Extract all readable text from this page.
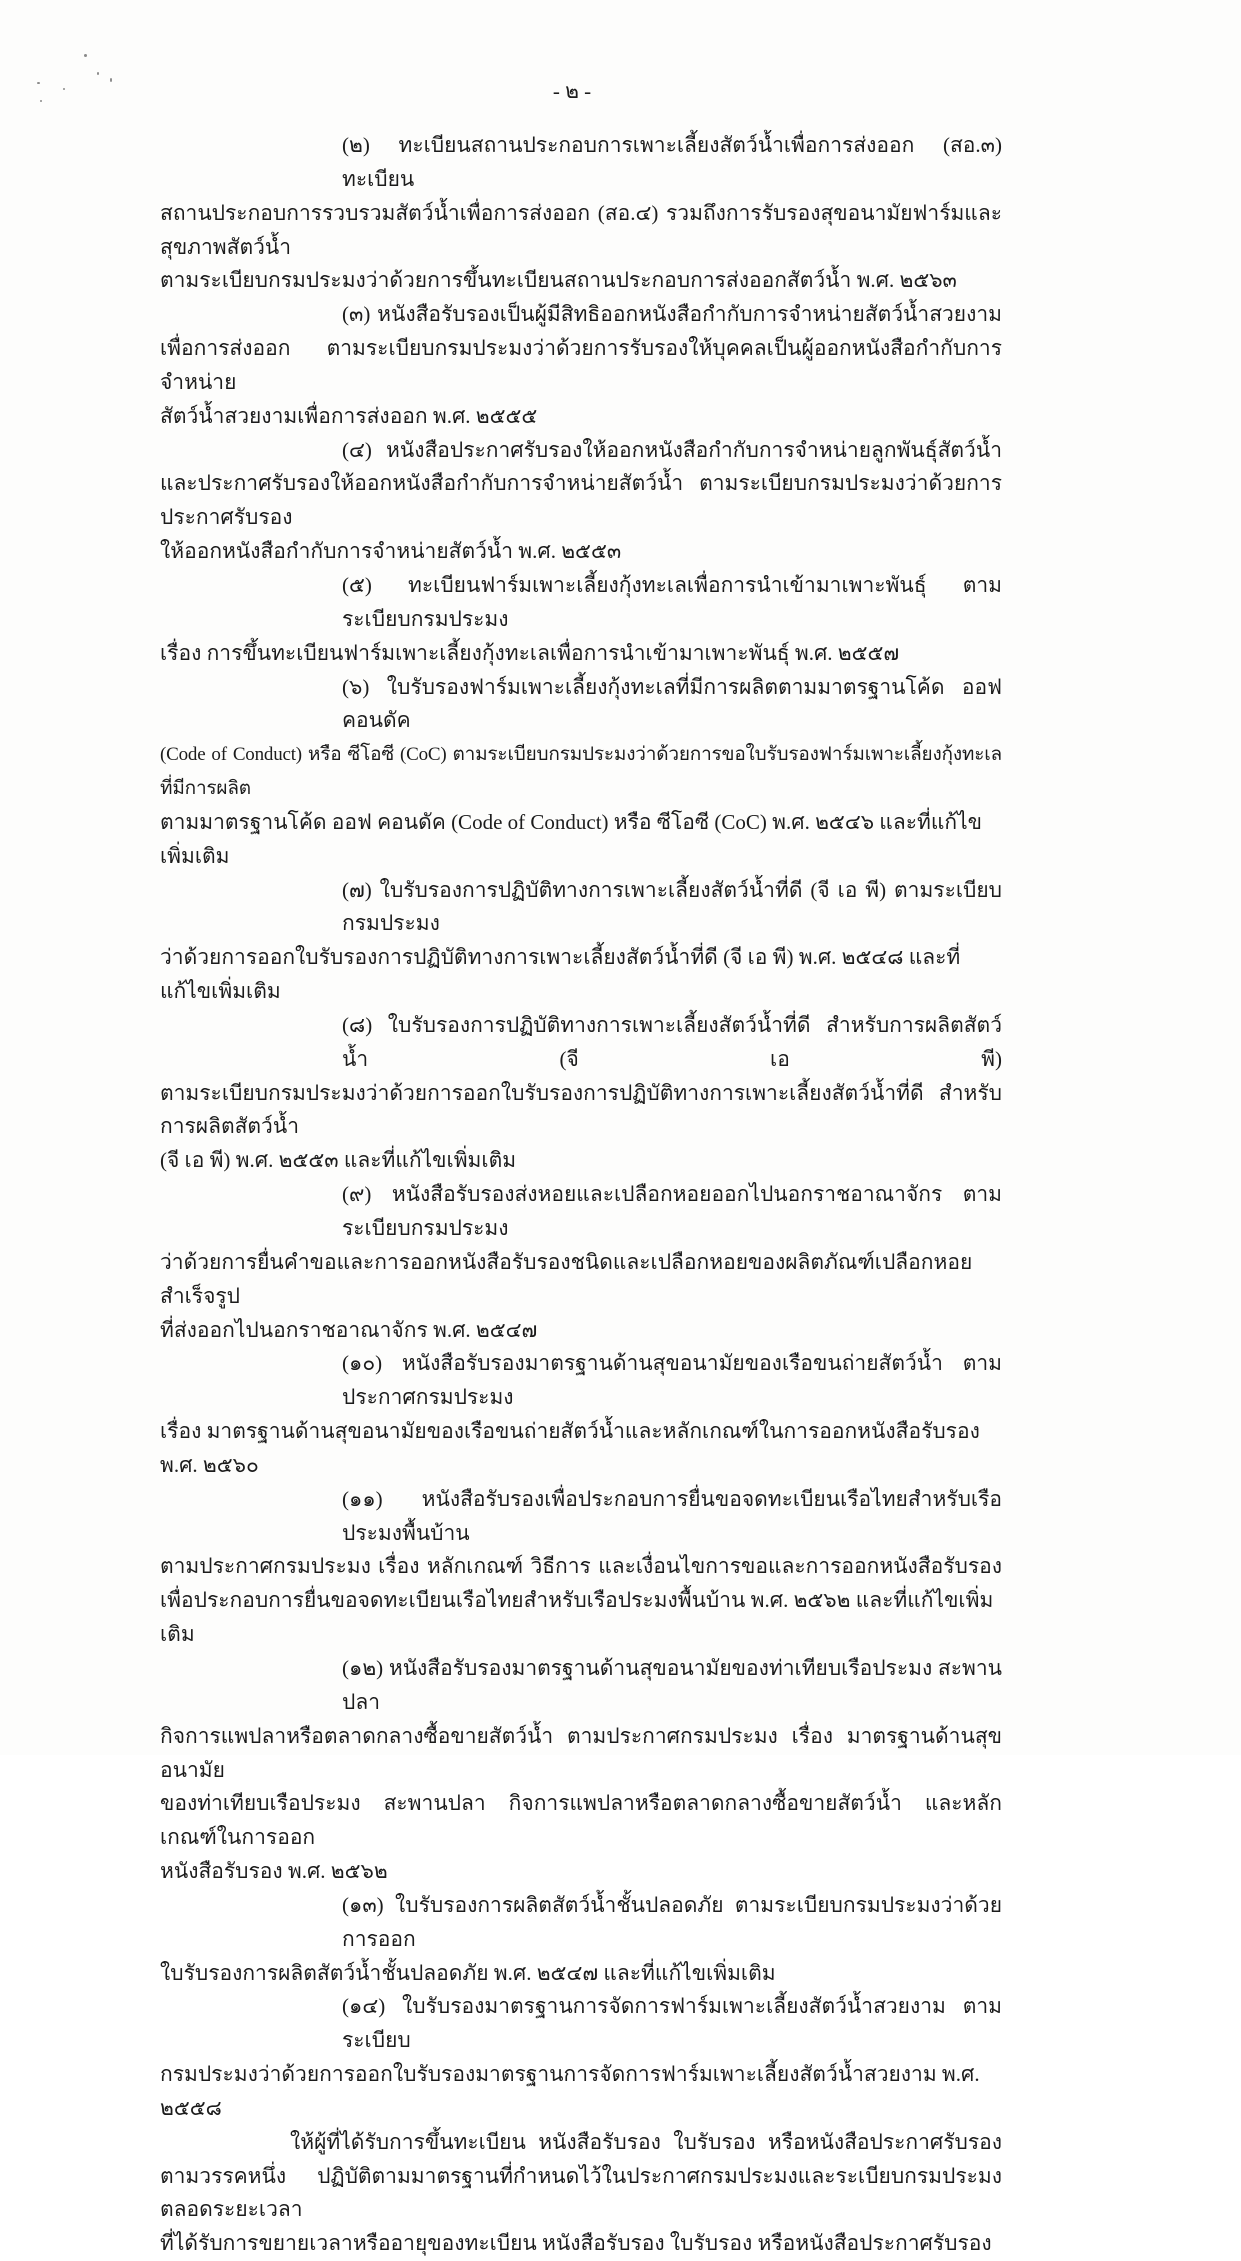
- ๒ -
(๒) ทะเบียนสถานประกอบการเพาะเลี้ยงสัตว์น้ำเพื่อการส่งออก (สอ.๓) ทะเบียน
สถานประกอบการรวบรวมสัตว์น้ำเพื่อการส่งออก (สอ.๔) รวมถึงการรับรองสุขอนามัยฟาร์มและสุขภาพสัตว์น้ำ
ตามระเบียบกรมประมงว่าด้วยการขึ้นทะเบียนสถานประกอบการส่งออกสัตว์น้ำ พ.ศ. ๒๕๖๓
(๓) หนังสือรับรองเป็นผู้มีสิทธิออกหนังสือกำกับการจำหน่ายสัตว์น้ำสวยงาม
เพื่อการส่งออก ตามระเบียบกรมประมงว่าด้วยการรับรองให้บุคคลเป็นผู้ออกหนังสือกำกับการจำหน่าย
สัตว์น้ำสวยงามเพื่อการส่งออก พ.ศ. ๒๕๕๕
(๔) หนังสือประกาศรับรองให้ออกหนังสือกำกับการจำหน่ายลูกพันธุ์สัตว์น้ำ
และประกาศรับรองให้ออกหนังสือกำกับการจำหน่ายสัตว์น้ำ ตามระเบียบกรมประมงว่าด้วยการประกาศรับรอง
ให้ออกหนังสือกำกับการจำหน่ายสัตว์น้ำ พ.ศ. ๒๕๕๓
(๕) ทะเบียนฟาร์มเพาะเลี้ยงกุ้งทะเลเพื่อการนำเข้ามาเพาะพันธุ์ ตามระเบียบกรมประมง
เรื่อง การขึ้นทะเบียนฟาร์มเพาะเลี้ยงกุ้งทะเลเพื่อการนำเข้ามาเพาะพันธุ์ พ.ศ. ๒๕๕๗
(๖) ใบรับรองฟาร์มเพาะเลี้ยงกุ้งทะเลที่มีการผลิตตามมาตรฐานโค้ด ออฟ คอนดัค
(Code of Conduct) หรือ ซีโอซี (CoC) ตามระเบียบกรมประมงว่าด้วยการขอใบรับรองฟาร์มเพาะเลี้ยงกุ้งทะเลที่มีการผลิต
ตามมาตรฐานโค้ด ออฟ คอนดัค (Code of Conduct) หรือ ซีโอซี (CoC) พ.ศ. ๒๕๔๖ และที่แก้ไขเพิ่มเติม
(๗) ใบรับรองการปฏิบัติทางการเพาะเลี้ยงสัตว์น้ำที่ดี (จี เอ พี) ตามระเบียบกรมประมง
ว่าด้วยการออกใบรับรองการปฏิบัติทางการเพาะเลี้ยงสัตว์น้ำที่ดี (จี เอ พี) พ.ศ. ๒๕๔๘ และที่แก้ไขเพิ่มเติม
(๘) ใบรับรองการปฏิบัติทางการเพาะเลี้ยงสัตว์น้ำที่ดี สำหรับการผลิตสัตว์น้ำ (จี เอ พี)
ตามระเบียบกรมประมงว่าด้วยการออกใบรับรองการปฏิบัติทางการเพาะเลี้ยงสัตว์น้ำที่ดี สำหรับการผลิตสัตว์น้ำ
(จี เอ พี) พ.ศ. ๒๕๕๓ และที่แก้ไขเพิ่มเติม
(๙) หนังสือรับรองส่งหอยและเปลือกหอยออกไปนอกราชอาณาจักร ตามระเบียบกรมประมง
ว่าด้วยการยื่นคำขอและการออกหนังสือรับรองชนิดและเปลือกหอยของผลิตภัณฑ์เปลือกหอยสำเร็จรูป
ที่ส่งออกไปนอกราชอาณาจักร พ.ศ. ๒๕๔๗
(๑๐) หนังสือรับรองมาตรฐานด้านสุขอนามัยของเรือขนถ่ายสัตว์น้ำ ตามประกาศกรมประมง
เรื่อง มาตรฐานด้านสุขอนามัยของเรือขนถ่ายสัตว์น้ำและหลักเกณฑ์ในการออกหนังสือรับรอง พ.ศ. ๒๕๖๐
(๑๑) หนังสือรับรองเพื่อประกอบการยื่นขอจดทะเบียนเรือไทยสำหรับเรือประมงพื้นบ้าน
ตามประกาศกรมประมง เรื่อง หลักเกณฑ์ วิธีการ และเงื่อนไขการขอและการออกหนังสือรับรอง
เพื่อประกอบการยื่นขอจดทะเบียนเรือไทยสำหรับเรือประมงพื้นบ้าน พ.ศ. ๒๕๖๒ และที่แก้ไขเพิ่มเติม
(๑๒) หนังสือรับรองมาตรฐานด้านสุขอนามัยของท่าเทียบเรือประมง สะพานปลา
กิจการแพปลาหรือตลาดกลางซื้อขายสัตว์น้ำ ตามประกาศกรมประมง เรื่อง มาตรฐานด้านสุขอนามัย
ของท่าเทียบเรือประมง สะพานปลา กิจการแพปลาหรือตลาดกลางซื้อขายสัตว์น้ำ และหลักเกณฑ์ในการออก
หนังสือรับรอง พ.ศ. ๒๕๖๒
(๑๓) ใบรับรองการผลิตสัตว์น้ำชั้นปลอดภัย ตามระเบียบกรมประมงว่าด้วยการออก
ใบรับรองการผลิตสัตว์น้ำชั้นปลอดภัย พ.ศ. ๒๕๔๗ และที่แก้ไขเพิ่มเติม
(๑๔) ใบรับรองมาตรฐานการจัดการฟาร์มเพาะเลี้ยงสัตว์น้ำสวยงาม ตามระเบียบ
กรมประมงว่าด้วยการออกใบรับรองมาตรฐานการจัดการฟาร์มเพาะเลี้ยงสัตว์น้ำสวยงาม พ.ศ. ๒๕๕๘
ให้ผู้ที่ได้รับการขึ้นทะเบียน หนังสือรับรอง ใบรับรอง หรือหนังสือประกาศรับรอง
ตามวรรคหนึ่ง ปฏิบัติตามมาตรฐานที่กำหนดไว้ในประกาศกรมประมงและระเบียบกรมประมงตลอดระยะเวลา
ที่ได้รับการขยายเวลาหรืออายุของทะเบียน หนังสือรับรอง ใบรับรอง หรือหนังสือประกาศรับรอง
